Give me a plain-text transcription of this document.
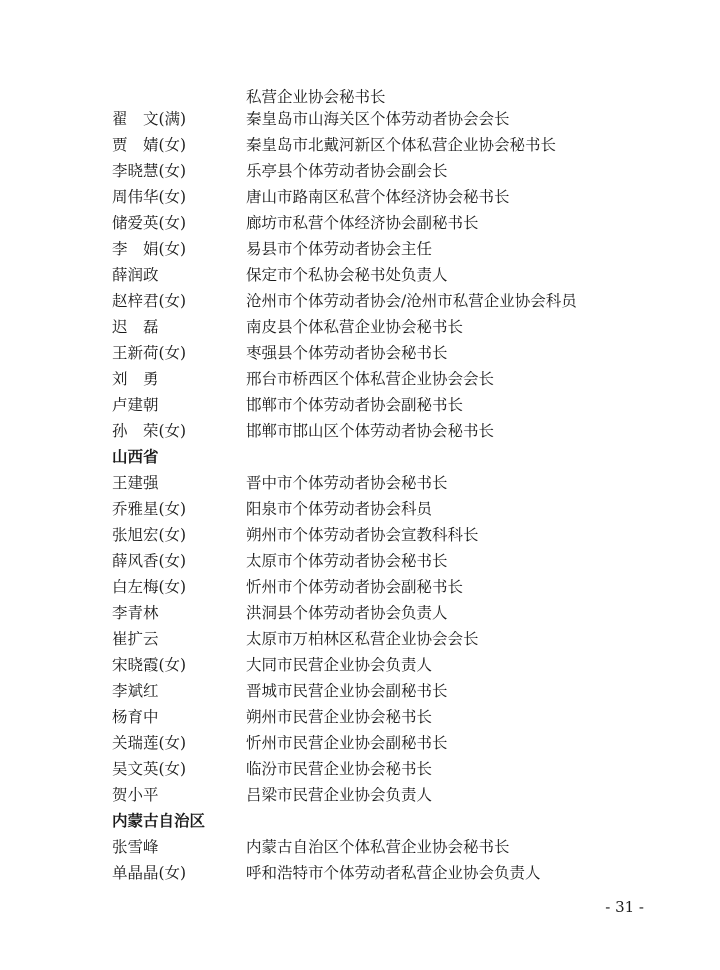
私营企业协会秘书长
翟　文(满)	秦皇岛市山海关区个体劳动者协会会长
贾　婧(女)	秦皇岛市北戴河新区个体私营企业协会秘书长
李晓慧(女)	乐亭县个体劳动者协会副会长
周伟华(女)	唐山市路南区私营个体经济协会秘书长
储爱英(女)	廊坊市私营个体经济协会副秘书长
李　娟(女)	易县市个体劳动者协会主任
薛润政	保定市个私协会秘书处负责人
赵梓君(女)	沧州市个体劳动者协会/沧州市私营企业协会科员
迟　磊	南皮县个体私营企业协会秘书长
王新荷(女)	枣强县个体劳动者协会秘书长
刘　勇	邢台市桥西区个体私营企业协会会长
卢建朝	邯郸市个体劳动者协会副秘书长
孙　荣(女)	邯郸市邯山区个体劳动者协会秘书长
山西省
王建强	晋中市个体劳动者协会秘书长
乔雅星(女)	阳泉市个体劳动者协会科员
张旭宏(女)	朔州市个体劳动者协会宣教科科长
薛风香(女)	太原市个体劳动者协会秘书长
白左梅(女)	忻州市个体劳动者协会副秘书长
李青林	洪洞县个体劳动者协会负责人
崔扩云	太原市万柏林区私营企业协会会长
宋晓霞(女)	大同市民营企业协会负责人
李斌红	晋城市民营企业协会副秘书长
杨育中	朔州市民营企业协会秘书长
关瑞莲(女)	忻州市民营企业协会副秘书长
吴文英(女)	临汾市民营企业协会秘书长
贺小平	吕梁市民营企业协会负责人
内蒙古自治区
张雪峰	内蒙古自治区个体私营企业协会秘书长
单晶晶(女)	呼和浩特市个体劳动者私营企业协会负责人
- 31 -
